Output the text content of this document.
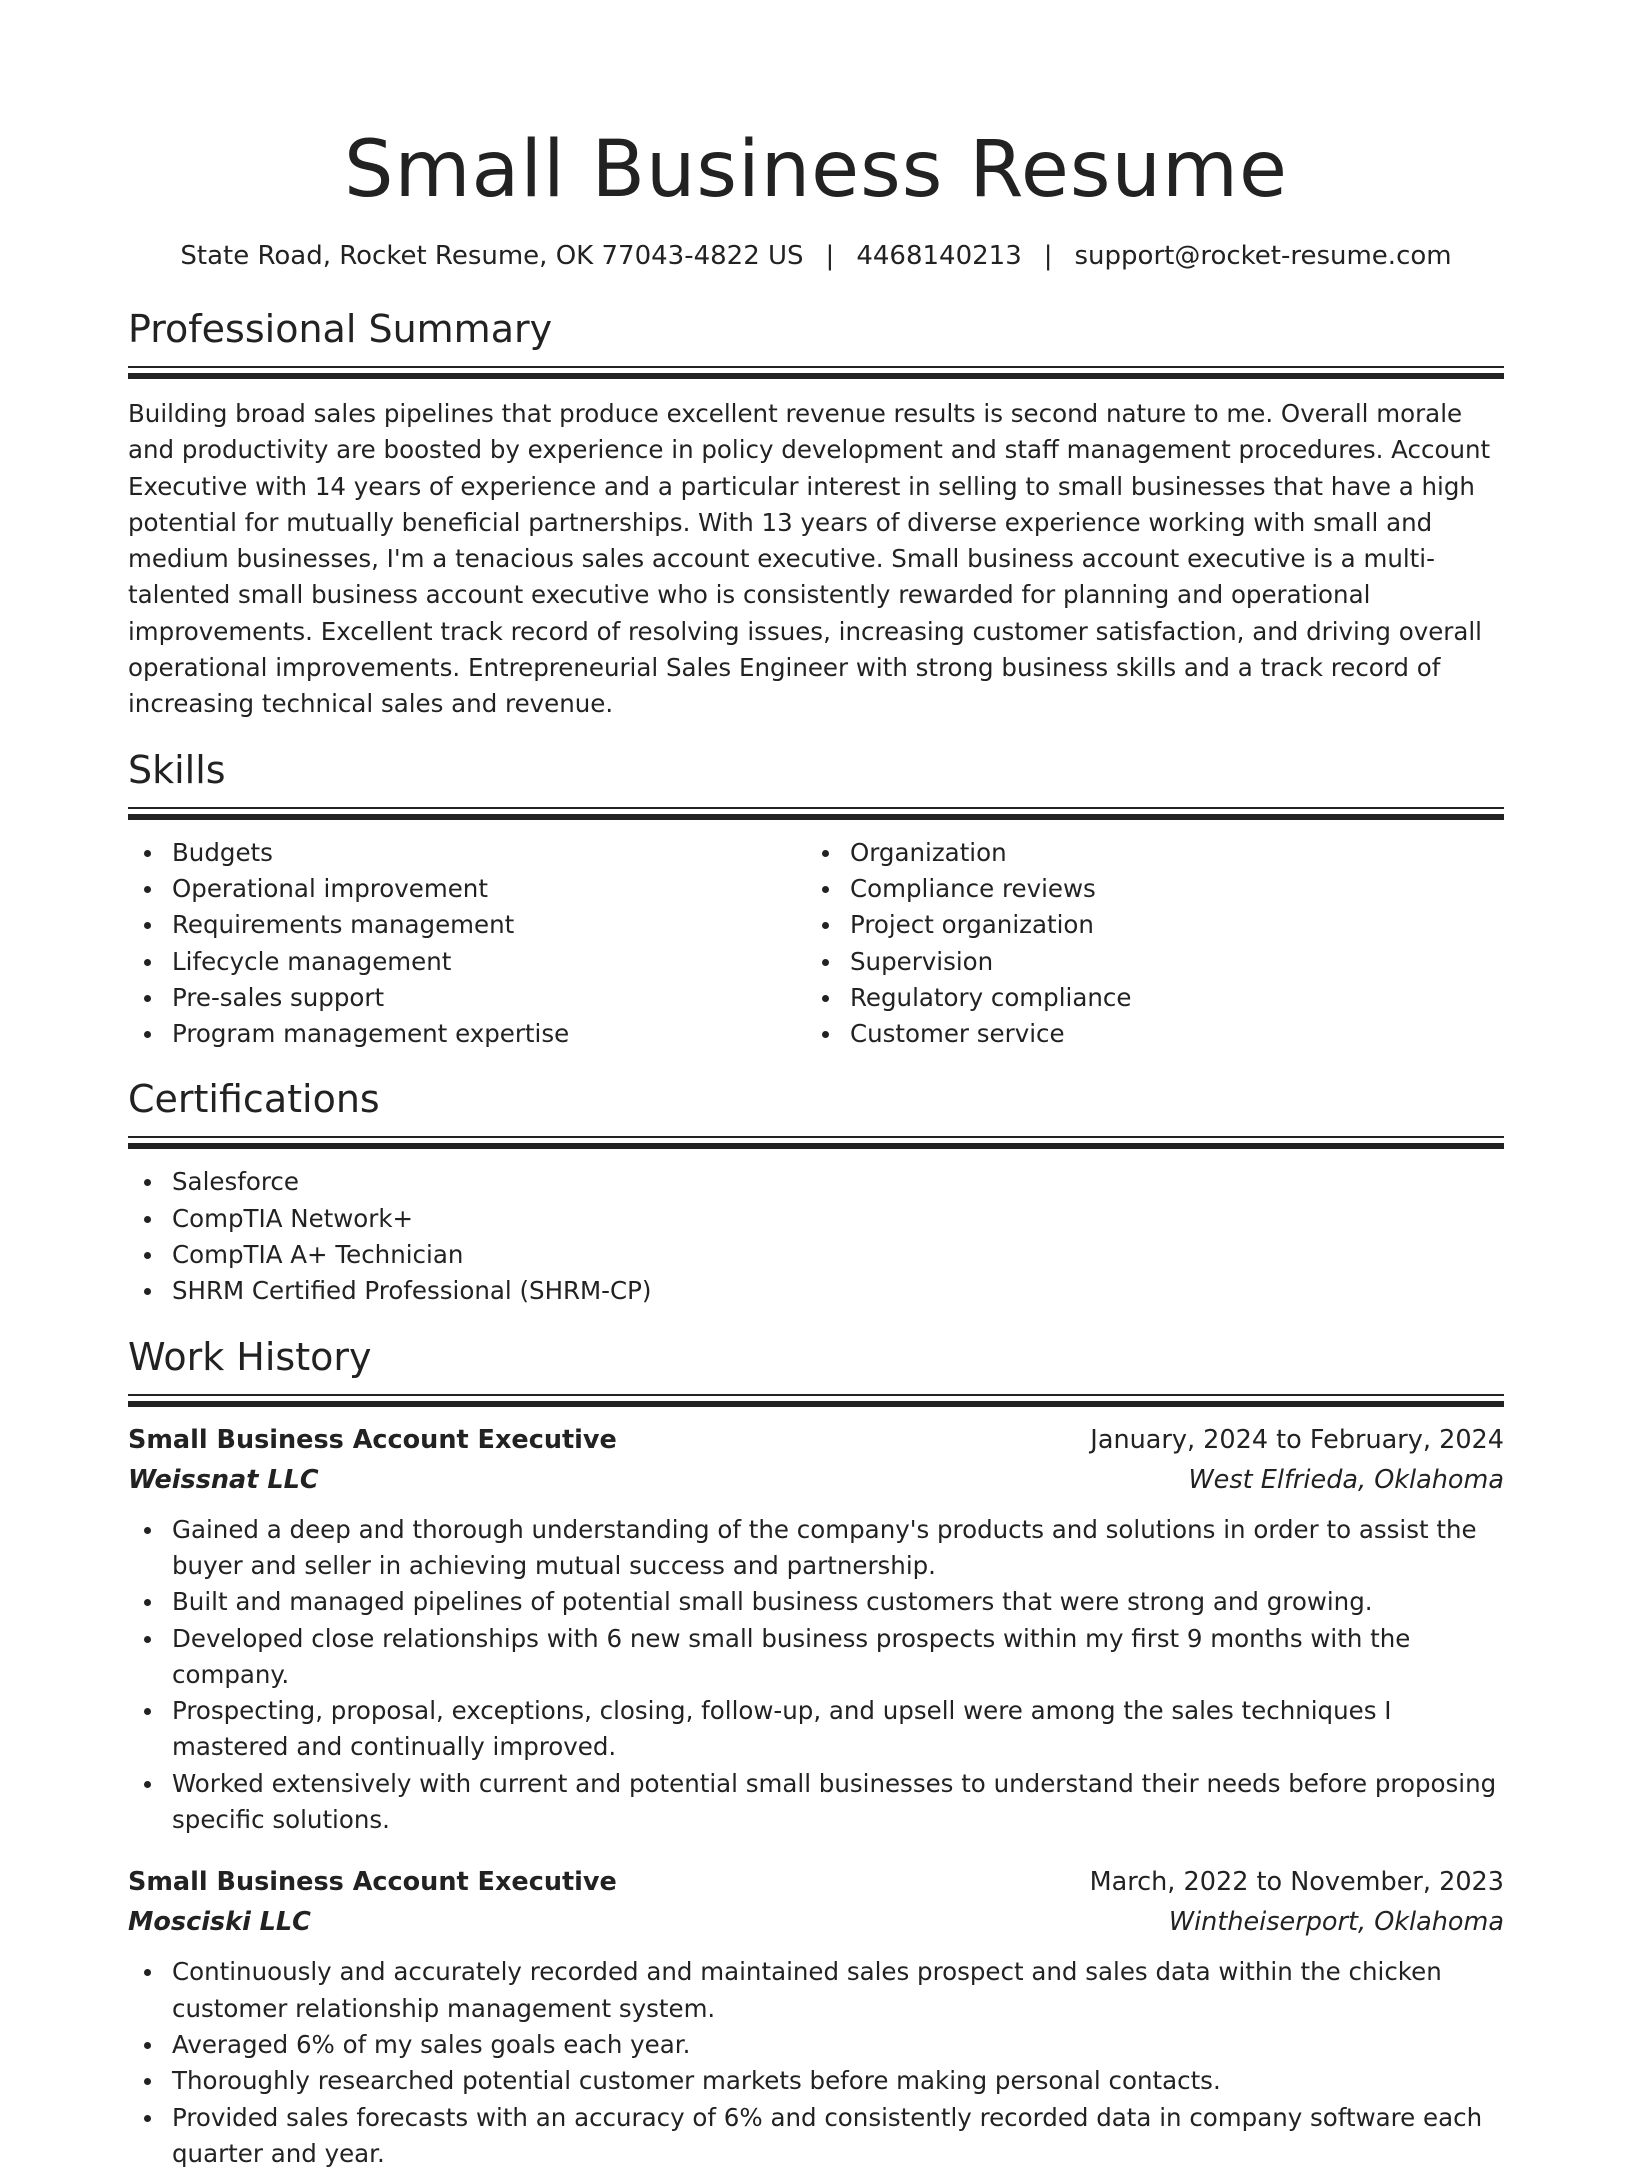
Small Business Resume
State Road, Rocket Resume, OK 77043-4822 US | 4468140213 | support@rocket-resume.com
Professional Summary
Building broad sales pipelines that produce excellent revenue results is second nature to me. Overall morale and productivity are boosted by experience in policy development and staff management procedures. Account Executive with 14 years of experience and a particular interest in selling to small businesses that have a high potential for mutually beneficial partnerships. With 13 years of diverse experience working with small and medium businesses, I'm a tenacious sales account executive. Small business account executive is a multi-talented small business account executive who is consistently rewarded for planning and operational improvements. Excellent track record of resolving issues, increasing customer satisfaction, and driving overall operational improvements. Entrepreneurial Sales Engineer with strong business skills and a track record of increasing technical sales and revenue.
Skills
Budgets
Operational improvement
Requirements management
Lifecycle management
Pre-sales support
Program management expertise
Organization
Compliance reviews
Project organization
Supervision
Regulatory compliance
Customer service
Certifications
Salesforce
CompTIA Network+
CompTIA A+ Technician
SHRM Certified Professional (SHRM-CP)
Work History
Small Business Account Executive	January, 2024 to February, 2024
Weissnat LLC	West Elfrieda, Oklahoma
Gained a deep and thorough understanding of the company's products and solutions in order to assist the buyer and seller in achieving mutual success and partnership.
Built and managed pipelines of potential small business customers that were strong and growing.
Developed close relationships with 6 new small business prospects within my first 9 months with the company.
Prospecting, proposal, exceptions, closing, follow-up, and upsell were among the sales techniques I mastered and continually improved.
Worked extensively with current and potential small businesses to understand their needs before proposing specific solutions.
Small Business Account Executive	March, 2022 to November, 2023
Mosciski LLC	Wintheiserport, Oklahoma
Continuously and accurately recorded and maintained sales prospect and sales data within the chicken customer relationship management system.
Averaged 6% of my sales goals each year.
Thoroughly researched potential customer markets before making personal contacts.
Provided sales forecasts with an accuracy of 6% and consistently recorded data in company software each quarter and year.
